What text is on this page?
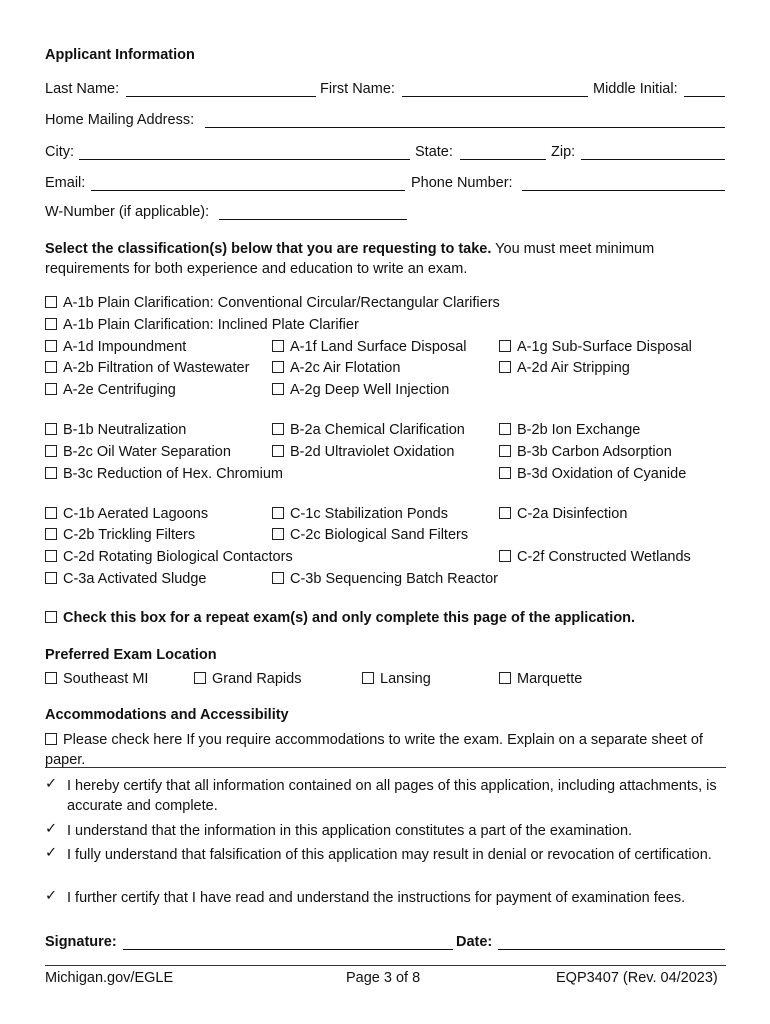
Applicant Information
Last Name:	First Name:	Middle Initial:
Home Mailing Address:
City:	State:	Zip:
Email:	Phone Number:
W-Number (if applicable):
Select the classification(s) below that you are requesting to take. You must meet minimum requirements for both experience and education to write an exam.
A-1b Plain Clarification: Conventional Circular/Rectangular Clarifiers
A-1b Plain Clarification: Inclined Plate Clarifier
A-1d Impoundment	A-1f Land Surface Disposal	A-1g Sub-Surface Disposal
A-2b Filtration of Wastewater	A-2c Air Flotation	A-2d Air Stripping
A-2e Centrifuging	A-2g Deep Well Injection
B-1b Neutralization	B-2a Chemical Clarification	B-2b Ion Exchange
B-2c Oil Water Separation	B-2d Ultraviolet Oxidation	B-3b Carbon Adsorption
B-3c Reduction of Hex. Chromium	B-3d Oxidation of Cyanide
C-1b Aerated Lagoons	C-1c Stabilization Ponds	C-2a Disinfection
C-2b Trickling Filters	C-2c Biological Sand Filters
C-2d Rotating Biological Contactors	C-2f Constructed Wetlands
C-3a Activated Sludge	C-3b Sequencing Batch Reactor
Check this box for a repeat exam(s) and only complete this page of the application.
Preferred Exam Location
Southeast MI	Grand Rapids	Lansing	Marquette
Accommodations and Accessibility
Please check here If you require accommodations to write the exam. Explain on a separate sheet of paper.
✓ I hereby certify that all information contained on all pages of this application, including attachments, is accurate and complete.
✓ I understand that the information in this application constitutes a part of the examination.
✓ I fully understand that falsification of this application may result in denial or revocation of certification.
✓ I further certify that I have read and understand the instructions for payment of examination fees.
Signature:	Date:
Michigan.gov/EGLE	Page 3 of 8	EQP3407 (Rev. 04/2023)
